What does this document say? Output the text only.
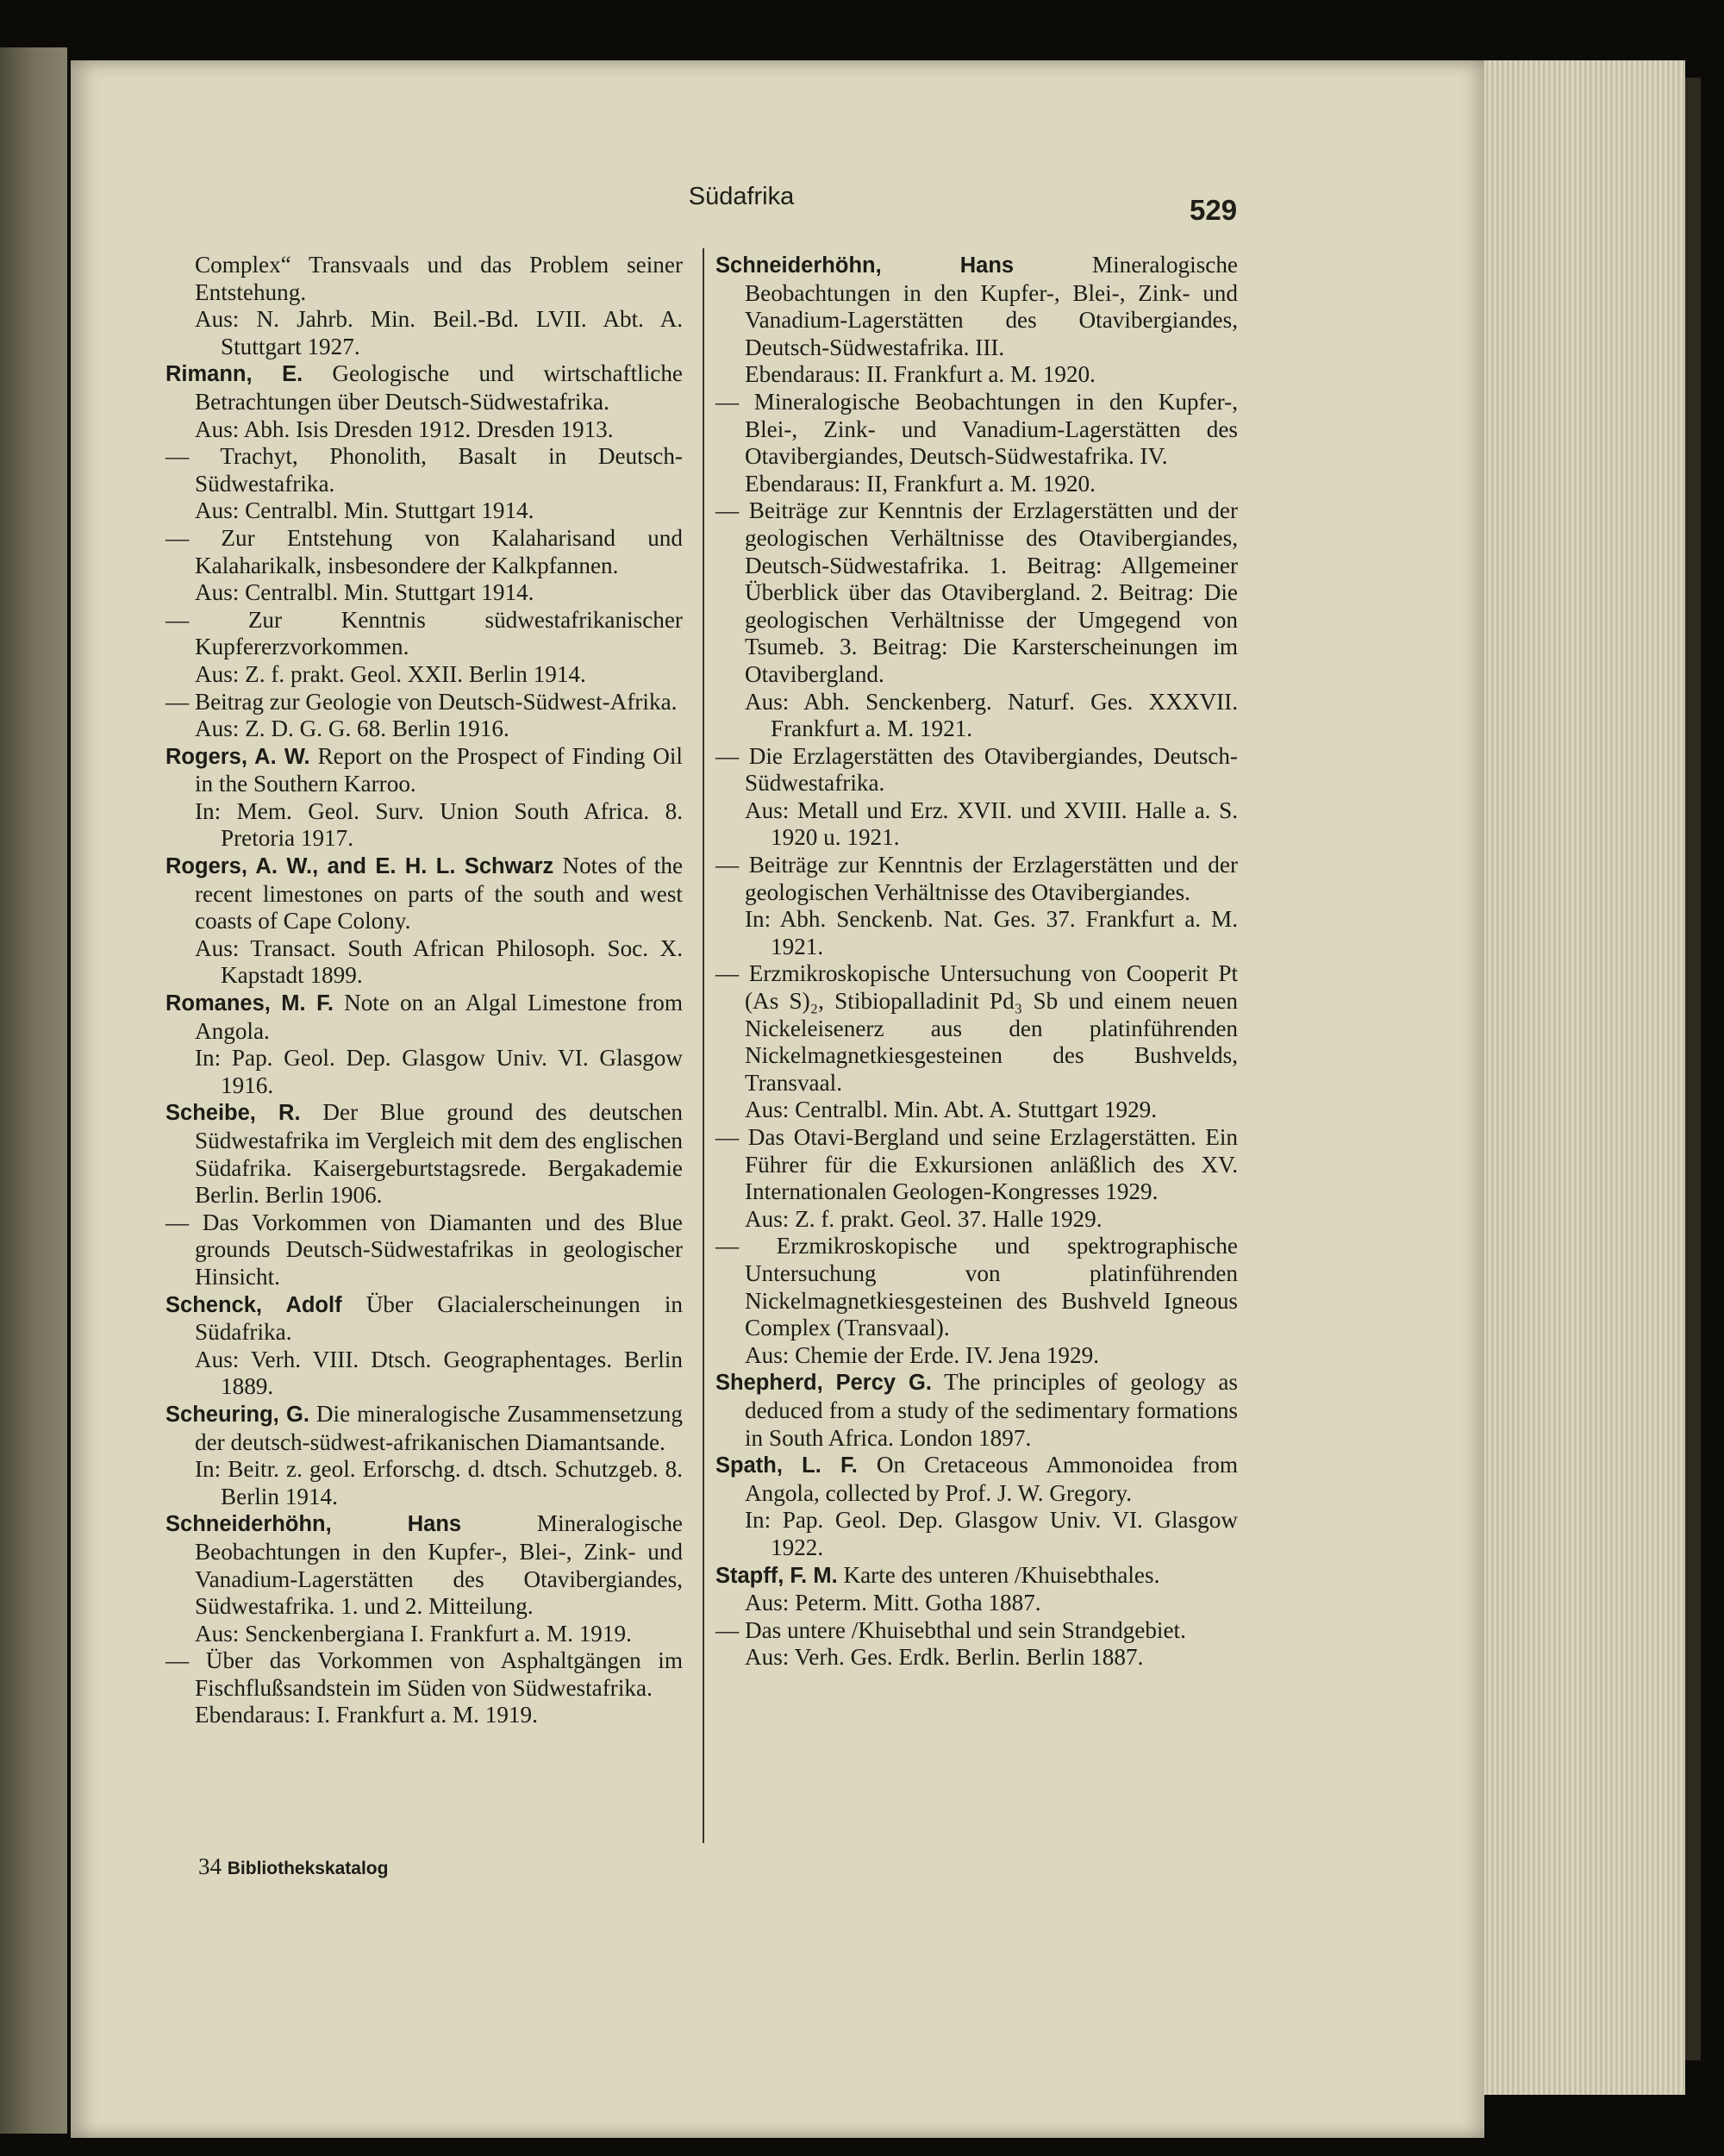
Südafrika	529

Complex“ Transvaals und das Problem seiner Entstehung.

Aus: N. Jahrb. Min. Beil.-Bd. LVII. Abt. A. Stuttgart 1927.

Rimann, E. Geologische und wirtschaftliche Betrachtungen über Deutsch-Südwestafrika.

Aus: Abh. Isis Dresden 1912. Dresden 1913.

— Trachyt, Phonolith, Basalt in Deutsch-Südwestafrika.

Aus: Centralbl. Min. Stuttgart 1914.

— Zur Entstehung von Kalaharisand und Kalaharikalk, insbesondere der Kalkpfannen.

Aus: Centralbl. Min. Stuttgart 1914.

— Zur Kenntnis südwestafrikanischer Kupfererzvorkommen.

Aus: Z. f. prakt. Geol. XXII. Berlin 1914.

— Beitrag zur Geologie von Deutsch-Südwest-Afrika.

Aus: Z. D. G. G. 68. Berlin 1916.

Rogers, A. W. Report on the Prospect of Finding Oil in the Southern Karroo.

In: Mem. Geol. Surv. Union South Africa. 8. Pretoria 1917.

Rogers, A. W., and E. H. L. Schwarz Notes of the recent limestones on parts of the south and west coasts of Cape Colony.

Aus: Transact. South African Philosoph. Soc. X. Kapstadt 1899.

Romanes, M. F. Note on an Algal Limestone from Angola.

In: Pap. Geol. Dep. Glasgow Univ. VI. Glasgow 1916.

Scheibe, R. Der Blue ground des deutschen Südwestafrika im Vergleich mit dem des englischen Südafrika. Kaisergeburtstagsrede. Bergakademie Berlin. Berlin 1906.

— Das Vorkommen von Diamanten und des Blue grounds Deutsch-Südwestafrikas in geologischer Hinsicht.

Schenck, Adolf Über Glacialerscheinungen in Südafrika.

Aus: Verh. VIII. Dtsch. Geographentages. Berlin 1889.

Scheuring, G. Die mineralogische Zusammensetzung der deutsch-südwest-afrikanischen Diamantsande.

In: Beitr. z. geol. Erforschg. d. dtsch. Schutzgeb. 8. Berlin 1914.

Schneiderhöhn, Hans	Mineralogische Beobachtungen in den Kupfer-, Blei-, Zink- und Vanadium-Lagerstätten des Otavibergiandes, Südwestafrika. 1. und 2. Mitteilung.

Aus: Senckenbergiana I. Frankfurt a. M. 1919.

— Über das Vorkommen von Asphaltgängen im Fischflußsandstein im Süden von Südwestafrika.

Ebendaraus: I. Frankfurt a. M. 1919.

Schneiderhöhn, Hans	Mineralogische Beobachtungen in den Kupfer-, Blei-, Zink- und Vanadium-Lagerstätten des Otavibergiandes, Deutsch-Südwestafrika. III.

Ebendaraus: II. Frankfurt a. M. 1920.

— Mineralogische Beobachtungen in den Kupfer-, Blei-, Zink- und Vanadium-Lagerstätten des Otavibergiandes, Deutsch-Südwestafrika. IV.

Ebendaraus: II, Frankfurt a. M. 1920.

— Beiträge zur Kenntnis der Erzlagerstätten und der geologischen Verhältnisse des Otavibergiandes, Deutsch-Südwestafrika. 1. Beitrag: Allgemeiner Überblick über das Otavibergland. 2. Beitrag: Die geologischen Verhältnisse der Umgegend von Tsumeb. 3. Beitrag: Die Karsterscheinungen im Otavibergland.

Aus: Abh. Senckenberg. Naturf. Ges. XXXVII. Frankfurt a. M. 1921.

— Die Erzlagerstätten des Otavibergiandes, Deutsch-Südwestafrika.

Aus: Metall und Erz. XVII. und XVIII. Halle a. S. 1920 u. 1921.

— Beiträge zur Kenntnis der Erzlagerstätten und der geologischen Verhältnisse des Otavibergiandes.

In: Abh. Senckenb. Nat. Ges. 37. Frankfurt a. M. 1921.

— Erzmikroskopische Untersuchung von Cooperit Pt (As S)₂, Stibiopalladinit Pd₃ Sb und einem neuen Nickeleisenerz aus den platinführenden Nickelmagnetkiesgesteinen des Bushvelds, Transvaal.

Aus: Centralbl. Min. Abt. A. Stuttgart 1929.

— Das Otavi-Bergland und seine Erzlagerstätten. Ein Führer für die Exkursionen anläßlich des XV. Internationalen Geologen-Kongresses 1929.

Aus: Z. f. prakt. Geol. 37. Halle 1929.

— Erzmikroskopische und spektrographische Untersuchung von platinführenden Nickelmagnetkiesgesteinen des Bushveld Igneous Complex (Transvaal).

Aus: Chemie der Erde. IV. Jena 1929.

Shepherd, Percy G. The principles of geology as deduced from a study of the sedimentary formations in South Africa. London 1897.

Spath, L. F. On Cretaceous Ammonoidea from Angola, collected by Prof. J. W. Gregory.

In: Pap. Geol. Dep. Glasgow Univ. VI. Glasgow 1922.

Stapff, F. M. Karte des unteren /Khuisebthales.

Aus: Peterm. Mitt. Gotha 1887.

— Das untere /Khuisebthal und sein Strandgebiet.

Aus: Verh. Ges. Erdk. Berlin. Berlin 1887.

34 Bibliothekskatalog
